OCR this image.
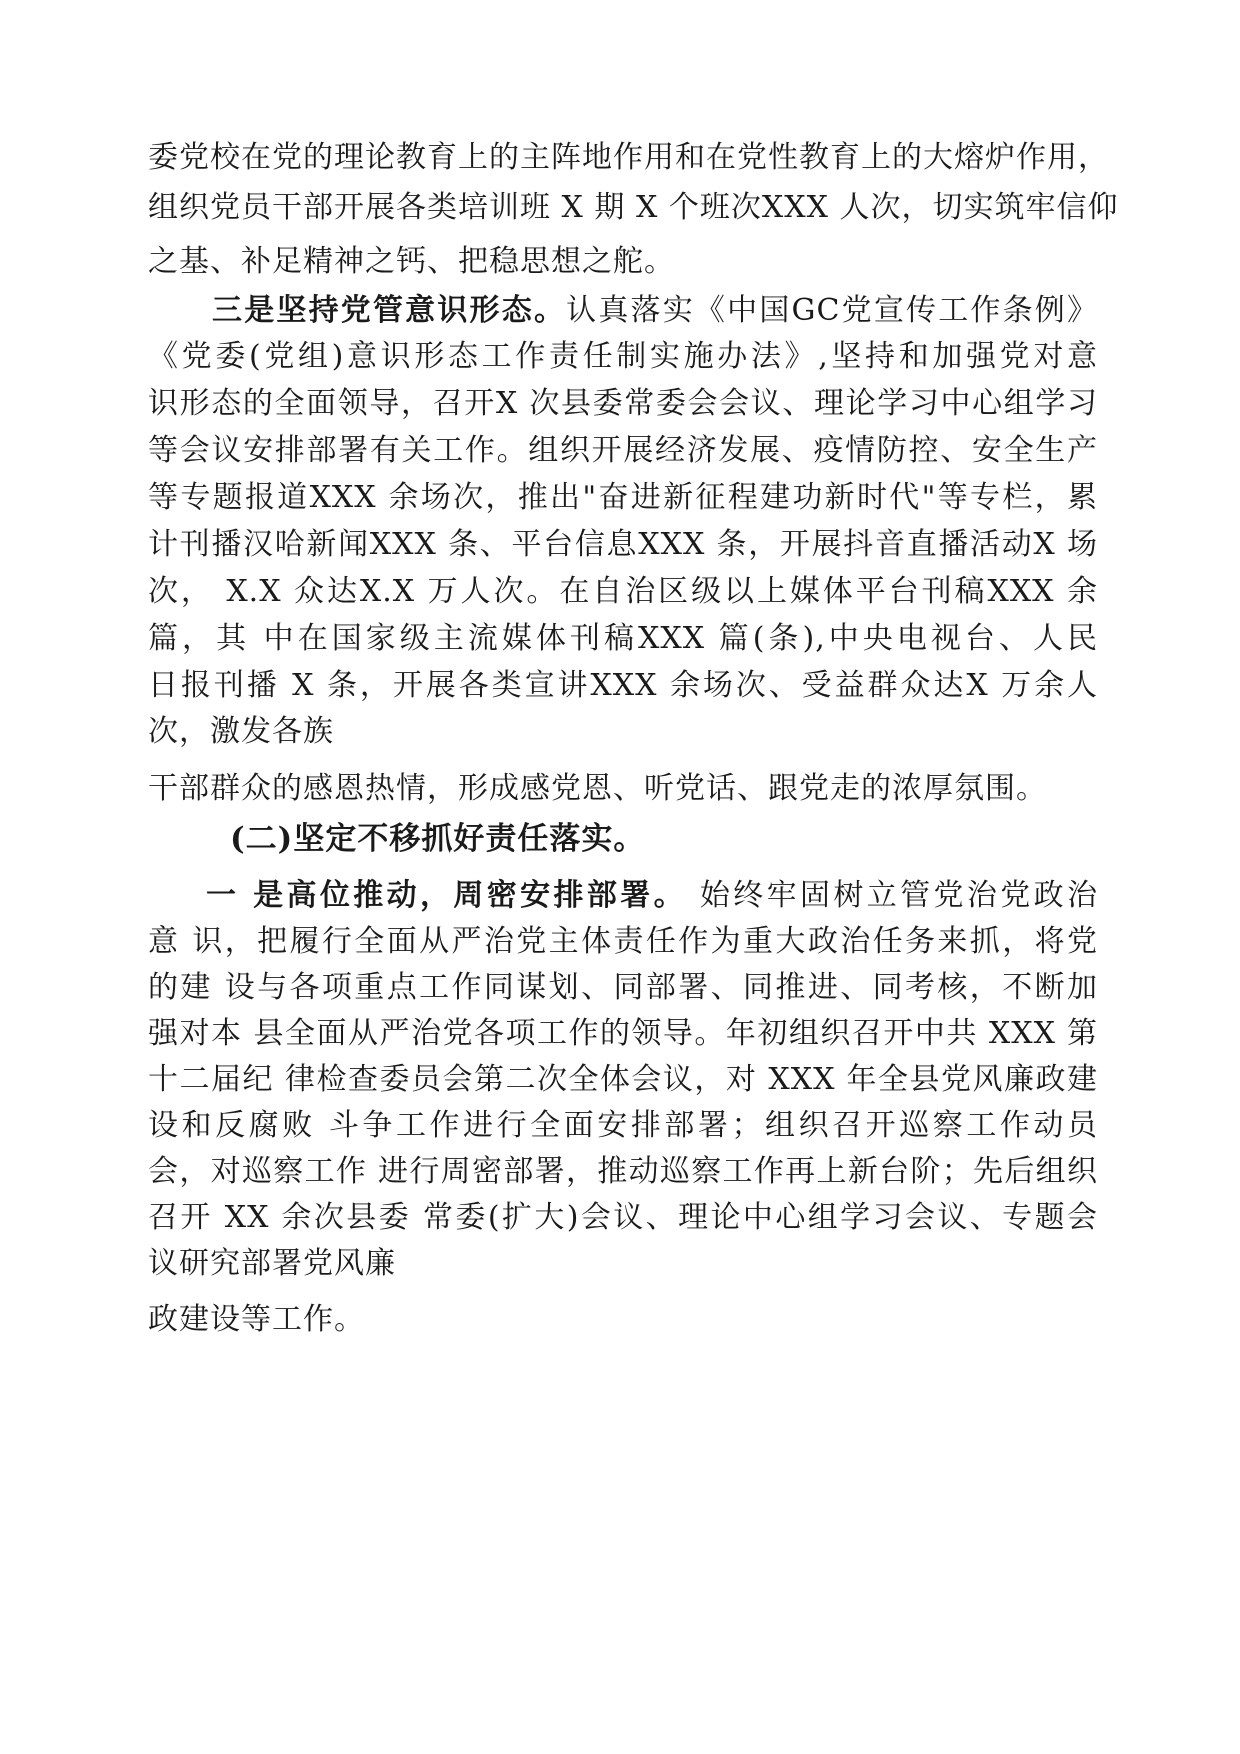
委党校在党的理论教育上的主阵地作用和在党性教育上的大熔炉作用，
组织党员干部开展各类培训班 X 期 X 个班次XXX 人次，切实筑牢信仰
之基、补足精神之钙、把稳思想之舵。
三是坚持党管意识形态。认真落实《中国GC党宣传工作条例》
《党委(党组)意识形态工作责任制实施办法》,坚持和加强党对意
识形态的全面领导，召开X 次县委常委会会议、理论学习中心组学习
等会议安排部署有关工作。组织开展经济发展、疫情防控、安全生产
等专题报道XXX 余场次，推出"奋进新征程建功新时代"等专栏，累
计刊播汉哈新闻XXX 条、平台信息XXX 条，开展抖音直播活动X 场
次， X.X 众达X.X 万人次。在自治区级以上媒体平台刊稿XXX 余
篇，其 中在国家级主流媒体刊稿XXX 篇(条),中央电视台、人民
日报刊播 X 条，开展各类宣讲XXX 余场次、受益群众达X 万余人
次，激发各族
干部群众的感恩热情，形成感党恩、听党话、跟党走的浓厚氛围。
(二)坚定不移抓好责任落实。
一 是高位推动，周密安排部署。 始终牢固树立管党治党政治
意 识，把履行全面从严治党主体责任作为重大政治任务来抓，将党
的建 设与各项重点工作同谋划、同部署、同推进、同考核，不断加
强对本 县全面从严治党各项工作的领导。年初组织召开中共 XXX 第
十二届纪 律检查委员会第二次全体会议，对 XXX 年全县党风廉政建
设和反腐败 斗争工作进行全面安排部署；组织召开巡察工作动员
会，对巡察工作 进行周密部署，推动巡察工作再上新台阶；先后组织
召开 XX 余次县委 常委(扩大)会议、理论中心组学习会议、专题会
议研究部署党风廉
政建设等工作。
